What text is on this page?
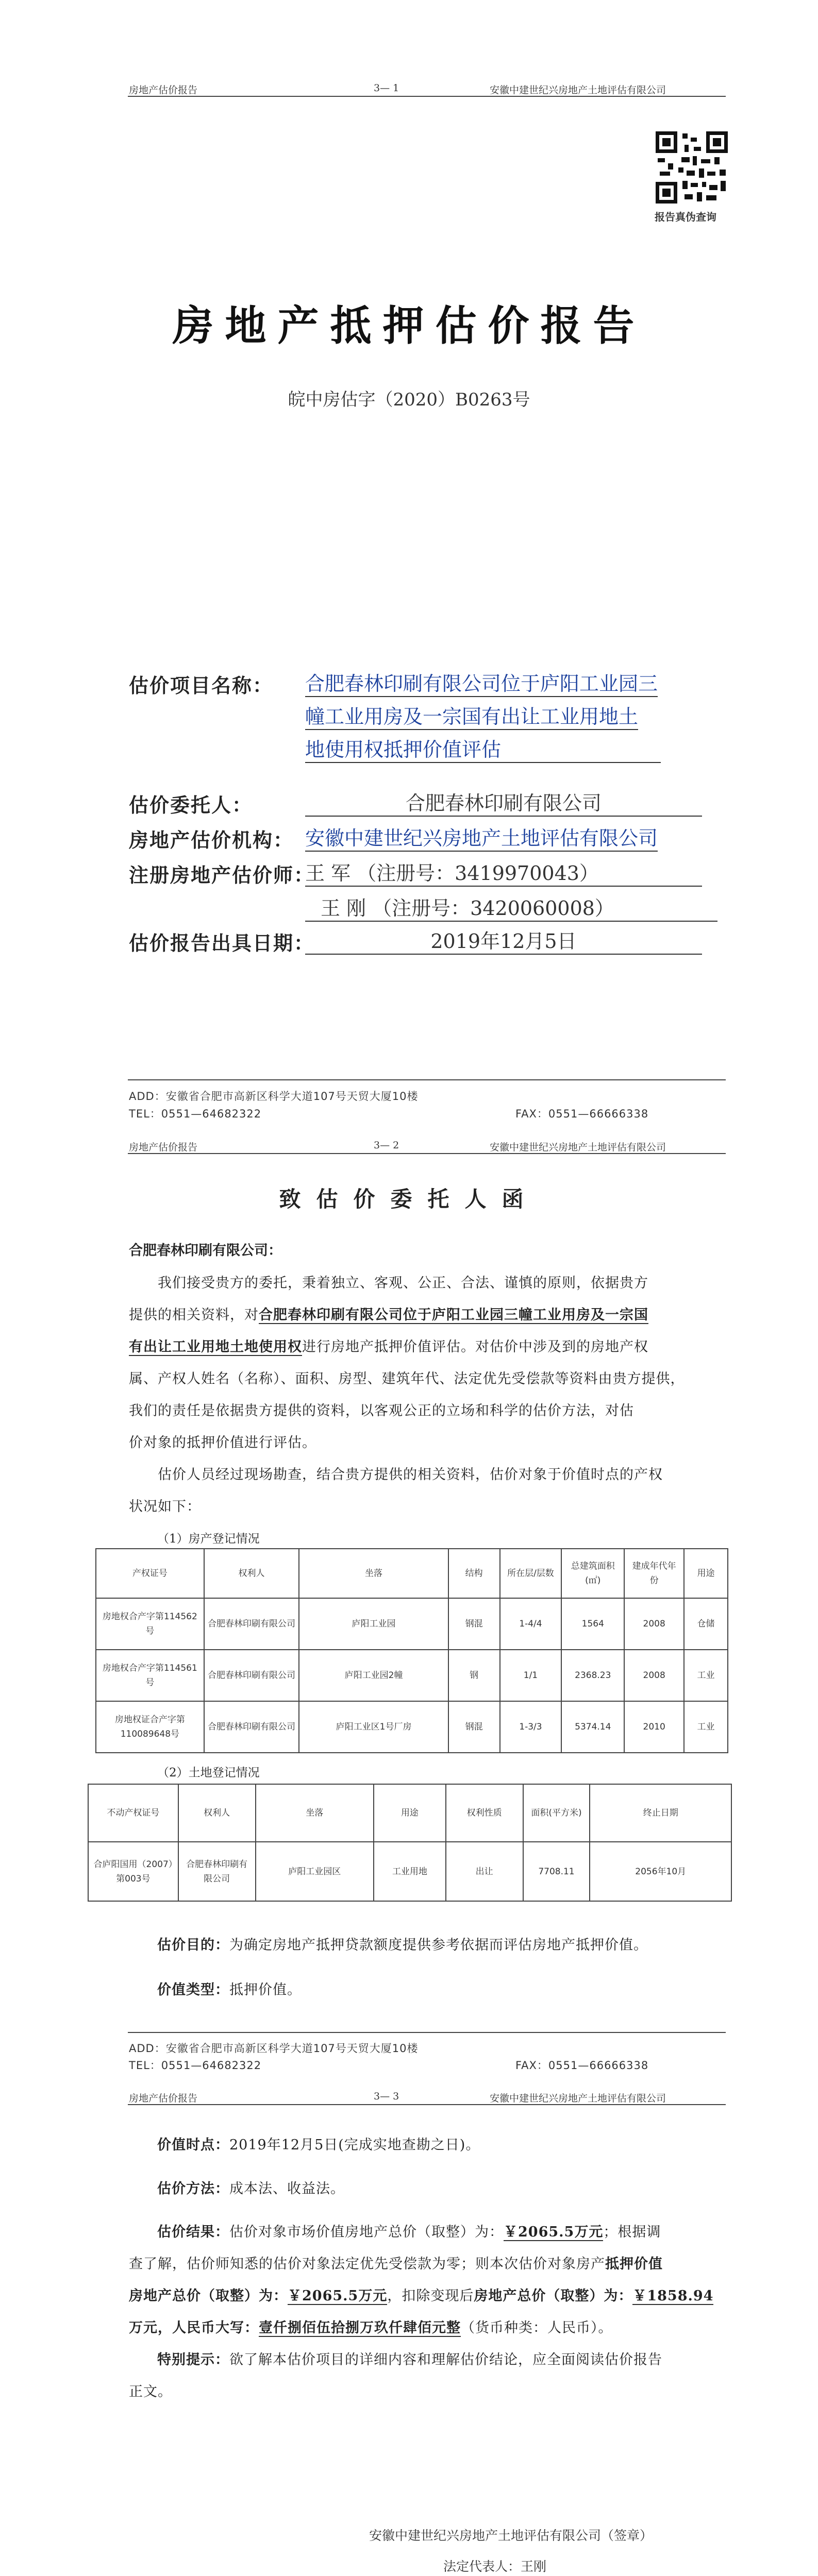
房地产估价报告	3— 1	安徽中建世纪兴房地产土地评估有限公司
报告真伪查询
房地产抵押估价报告
皖中房估字（2020）B0263号
估价项目名称： 合肥春林印刷有限公司位于庐阳工业园三
幢工业用房及一宗国有出让工业用地土
地使用权抵押价值评估
估价委托人：	合肥春林印刷有限公司
房地产估价机构： 安徽中建世纪兴房地产土地评估有限公司
注册房地产估价师：
王 军 （注册号：3419970043）
王 刚 （注册号：3420060008）
估价报告出具日期：	2019年12月5日
ADD：安徽省合肥市高新区科学大道107号天贸大厦10楼
TEL：0551—64682322	FAX：0551—66666338
房地产估价报告	3— 2	安徽中建世纪兴房地产土地评估有限公司
致估价委托人函
合肥春林印刷有限公司：
我们接受贵方的委托，秉着独立、客观、公正、合法、谨慎的原则，依据贵方
提供的相关资料，对合肥春林印刷有限公司位于庐阳工业园三幢工业用房及一宗国
有出让工业用地土地使用权进行房地产抵押价值评估。对估价中涉及到的房地产权
属、产权人姓名（名称）、面积、房型、建筑年代、法定优先受偿款等资料由贵方提供，
我们的责任是依据贵方提供的资料，以客观公正的立场和科学的估价方法，对估
价对象的抵押价值进行评估。
估价人员经过现场勘查，结合贵方提供的相关资料，估价对象于价值时点的产权
状况如下：
（1）房产登记情况
产权证号	权利人	坐落	结构	所在层/层数	总建筑面积(㎡)	建成年代年份	用途
房地权合产字第114562号	合肥春林印刷有限公司	庐阳工业园	钢混	1-4/4	1564	2008	仓储
房地权合产字第114561号	合肥春林印刷有限公司	庐阳工业园2幢	钢	1/1	2368.23	2008	工业
房地权证合产字第110089648号	合肥春林印刷有限公司	庐阳工业区1号厂房	钢混	1-3/3	5374.14	2010	工业
（2）土地登记情况
不动产权证号	权利人	坐落	用途	权利性质	面积(平方米)	终止日期
合庐阳国用（2007）第003号	合肥春林印刷有限公司	庐阳工业园区	工业用地	出让	7708.11	2056年10月
估价目的：为确定房地产抵押贷款额度提供参考依据而评估房地产抵押价值。
价值类型：抵押价值。
ADD：安徽省合肥市高新区科学大道107号天贸大厦10楼
TEL：0551—64682322	FAX：0551—66666338
房地产估价报告	3— 3	安徽中建世纪兴房地产土地评估有限公司
价值时点：2019年12月5日(完成实地查勘之日)。
估价方法：成本法、收益法。
估价结果：估价对象市场价值房地产总价（取整）为：￥2065.5万元；根据调
查了解，估价师知悉的估价对象法定优先受偿款为零；则本次估价对象房产抵押价值
房地产总价（取整）为：￥2065.5万元，扣除变现后房地产总价（取整）为：￥1858.94
万元，人民币大写：壹仟捌佰伍拾捌万玖仟肆佰元整（货币种类：人民币）。
特别提示：欲了解本估价项目的详细内容和理解估价结论，应全面阅读估价报告
正文。
安徽中建世纪兴房地产土地评估有限公司（签章）
法定代表人：王刚
